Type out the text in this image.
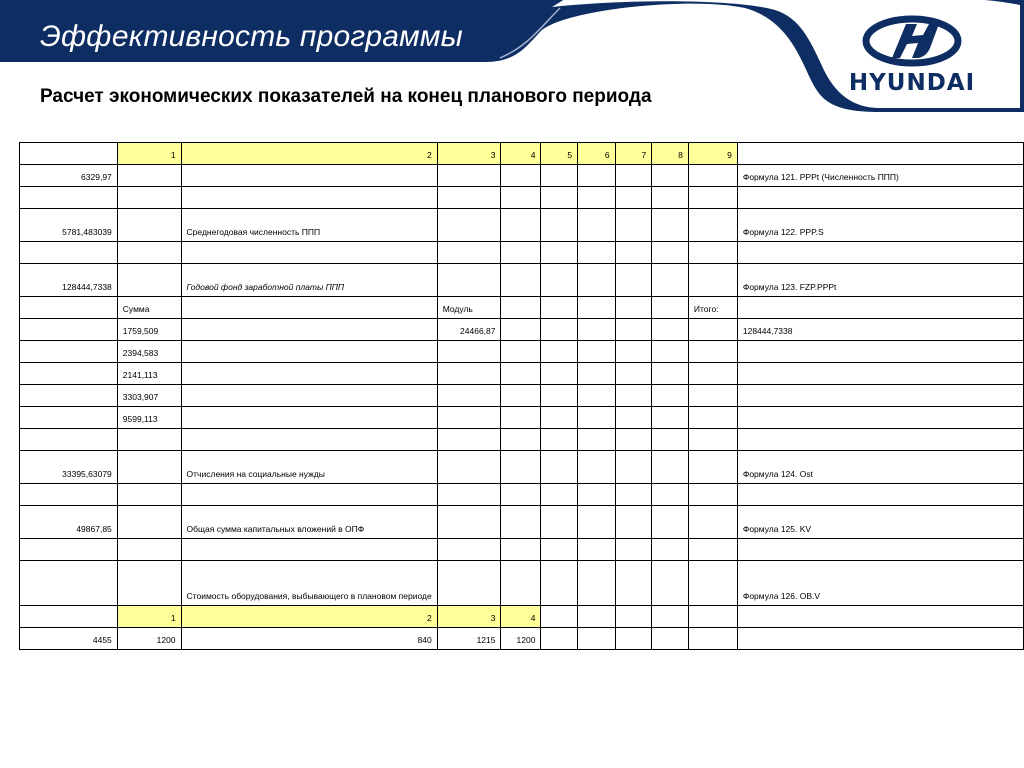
Эффективность программы
HYUNDAI
Расчет экономических показателей на конец планового периода
	1	2	3	4	5	6	7	8	9	
6329,97										Формула 121. PPPt (Численность ППП)

5781,483039		Среднегодовая численность ППП								Формула 122. PPP.S

128444,7338		Годовой фонд заработной платы ППП								Формула 123. FZP.PPPt
	Сумма		Модуль						Итого:	
	1759,509		24466,87							128444,7338
	2394,583									
	2141,113									
	3303,907									
	9599,113									

33395,63079		Отчисления на социальные нужды								Формула 124. Ost

49867,85		Общая сумма капитальных вложений в ОПФ								Формула 125. KV

		Стоимость оборудования, выбывающего в плановом периоде								Формула 126. OB.V
	1	2	3	4						
4455	1200	840	1215	1200						
